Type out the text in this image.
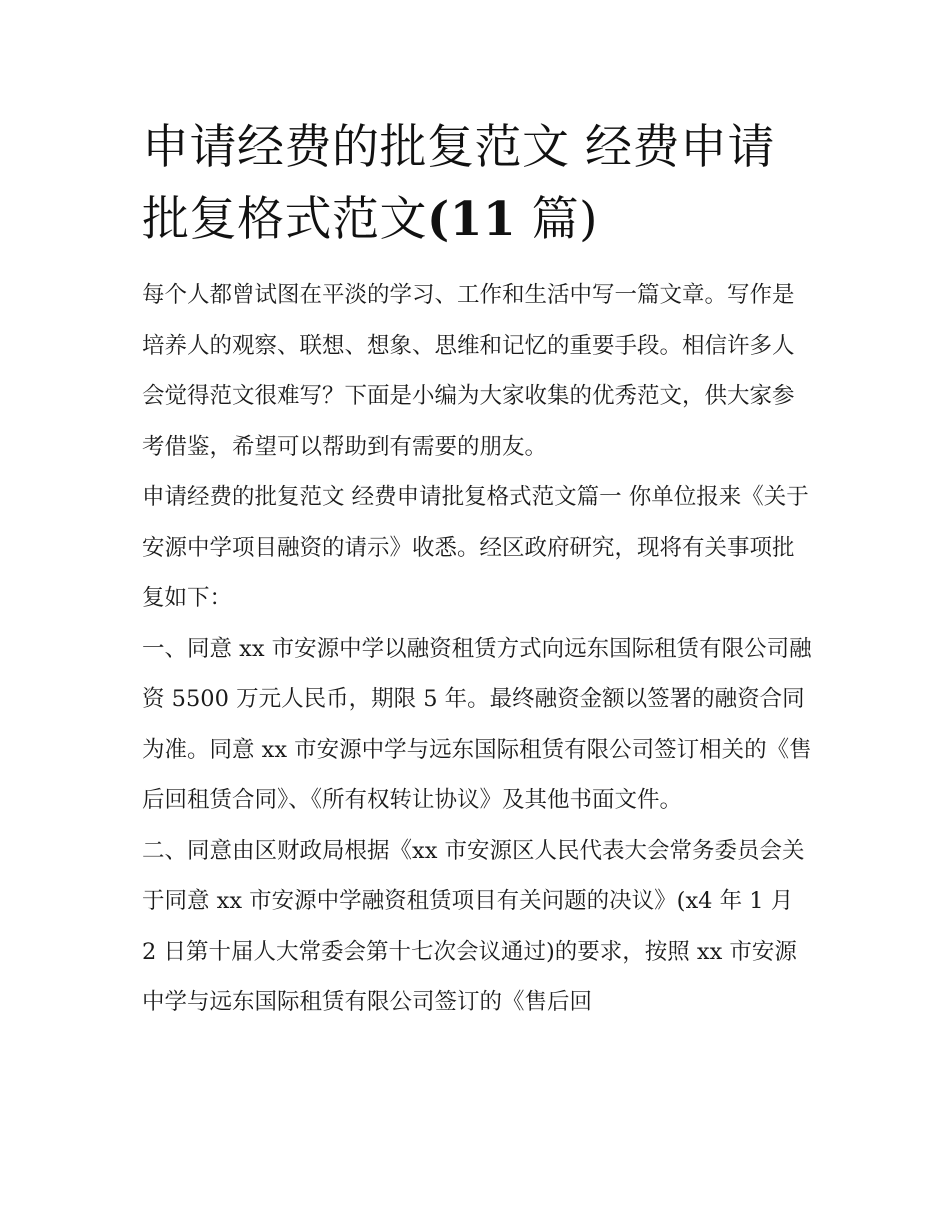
申请经费的批复范文 经费申请批复格式范文(11 篇)

每个人都曾试图在平淡的学习、工作和生活中写一篇文章。写作是培养人的观察、联想、想象、思维和记忆的重要手段。相信许多人会觉得范文很难写？下面是小编为大家收集的优秀范文，供大家参考借鉴，希望可以帮助到有需要的朋友。

申请经费的批复范文 经费申请批复格式范文篇一 你单位报来《关于安源中学项目融资的请示》收悉。经区政府研究，现将有关事项批复如下：

一、同意 xx 市安源中学以融资租赁方式向远东国际租赁有限公司融资 5500 万元人民币，期限 5 年。最终融资金额以签署的融资合同为准。同意 xx 市安源中学与远东国际租赁有限公司签订相关的《售后回租赁合同》、《所有权转让协议》及其他书面文件。

二、同意由区财政局根据《xx 市安源区人民代表大会常务委员会关于同意 xx 市安源中学融资租赁项目有关问题的决议》(x4 年 1 月 2 日第十届人大常委会第十七次会议通过)的要求，按照 xx 市安源中学与远东国际租赁有限公司签订的《售后回
